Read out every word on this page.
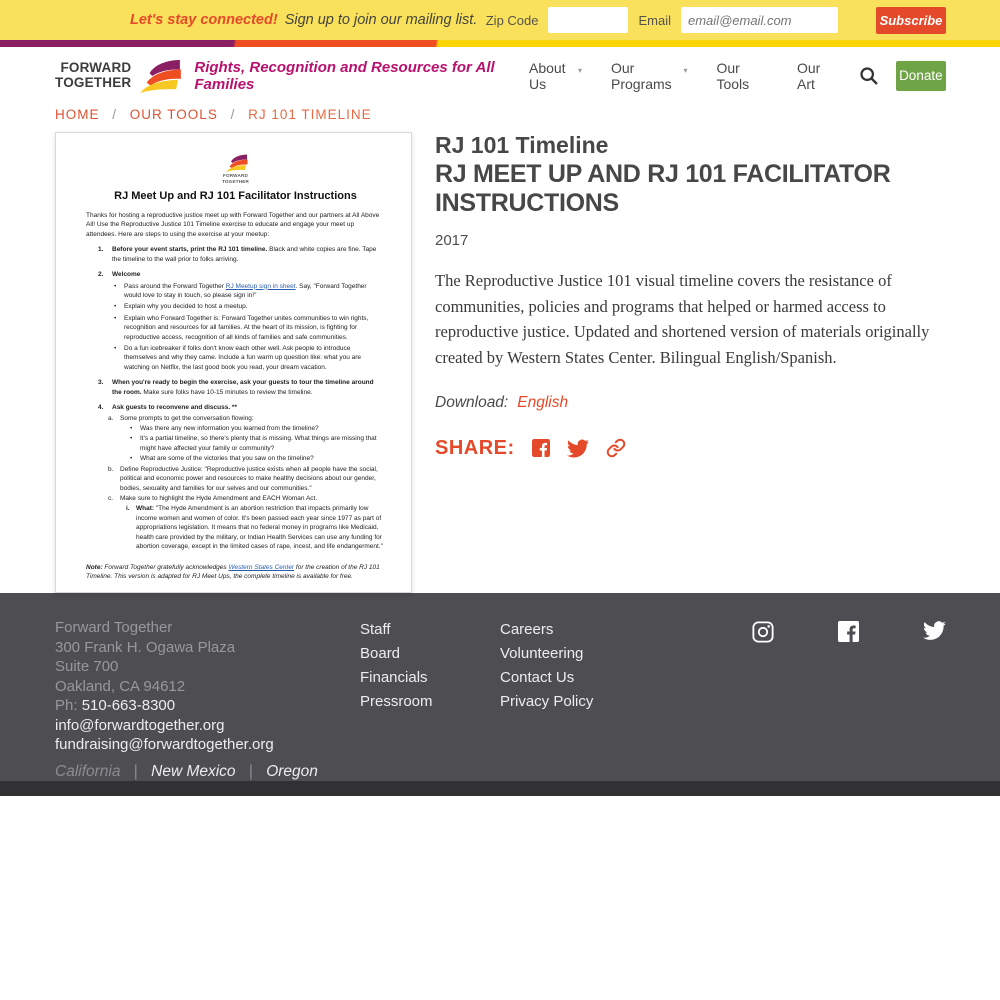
Let's stay connected! Sign up to join our mailing list. Zip Code	Email
email@email.com	Subscribe
FORWARD
TOGETHER
Rights, Recognition and Resources for All Families
About Us
▾ Our Programs
▾ Our Tools
Our Art	Donate
HOME / OUR TOOLS / RJ 101 TIMELINE
FORWARD
TOGETHER
RJ Meet Up and RJ 101 Facilitator Instructions
Thanks for hosting a reproductive justice meet up with Forward Together and our partners at All Above All! Use the Reproductive Justice 101 Timeline exercise to educate and engage your meet up attendees. Here are steps to using the exercise at your meetup:
1.	Before your event starts, print the RJ 101 timeline. Black and white copies are fine. Tape the timeline to the wall prior to folks arriving.
2.	Welcome
•	Pass around the Forward Together RJ Meetup sign in sheet. Say, "Forward Together would love to stay in touch, so please sign in!"
•	Explain why you decided to host a meetup.
•	Explain who Forward Together is: Forward Together unites communities to win rights, recognition and resources for all families. At the heart of its mission, is fighting for reproductive access, recognition of all kinds of families and safe communities.
•	Do a fun icebreaker if folks don't know each other well. Ask people to introduce themselves and why they came. Include a fun warm up question like: what you are watching on Netflix, the last good book you read, your dream vacation.
3.	When you're ready to begin the exercise, ask your guests to tour the timeline around the room. Make sure folks have 10-15 minutes to review the timeline.
4.	Ask guests to reconvene and discuss. **
a.	Some prompts to get the conversation flowing:
•	Was there any new information you learned from the timeline?
•	It's a partial timeline, so there's plenty that is missing. What things are missing that might have affected your family or community?
•	What are some of the victories that you saw on the timeline?
b.	Define Reproductive Justice: "Reproductive justice exists when all people have the social, political and economic power and resources to make healthy decisions about our gender, bodies, sexuality and families for our selves and our communities."
c.	Make sure to highlight the Hyde Amendment and EACH Woman Act.
i. What: "The Hyde Amendment is an abortion restriction that impacts primarily low income women and women of color. It's been passed each year since 1977 as part of appropriations legislation. It means that no federal money in programs like Medicaid, health care provided by the military, or Indian Health Services can use any funding for abortion coverage, except in the limited cases of rape, incest, and life endangerment."
Note: Forward Together gratefully acknowledges Western States Center for the creation of the RJ 101 Timeline. This version is adapted for RJ Meet Ups, the complete timeline is available for free.
RJ 101 Timeline
RJ MEET UP AND RJ 101 FACILITATOR INSTRUCTIONS
2017

The Reproductive Justice 101 visual timeline covers the resistance of communities, policies and programs that helped or harmed access to reproductive justice. Updated and shortened version of materials originally created by Western States Center. Bilingual English/Spanish.

Download: English
SHARE:
Forward Together
300 Frank H. Ogawa Plaza
Suite 700
Oakland, CA 94612
Ph: 510-663-8300
info@forwardtogether.org
fundraising@forwardtogether.org
California | New Mexico | Oregon
Staff
Board
Financials
Pressroom
Careers
Volunteering
Contact Us
Privacy Policy
